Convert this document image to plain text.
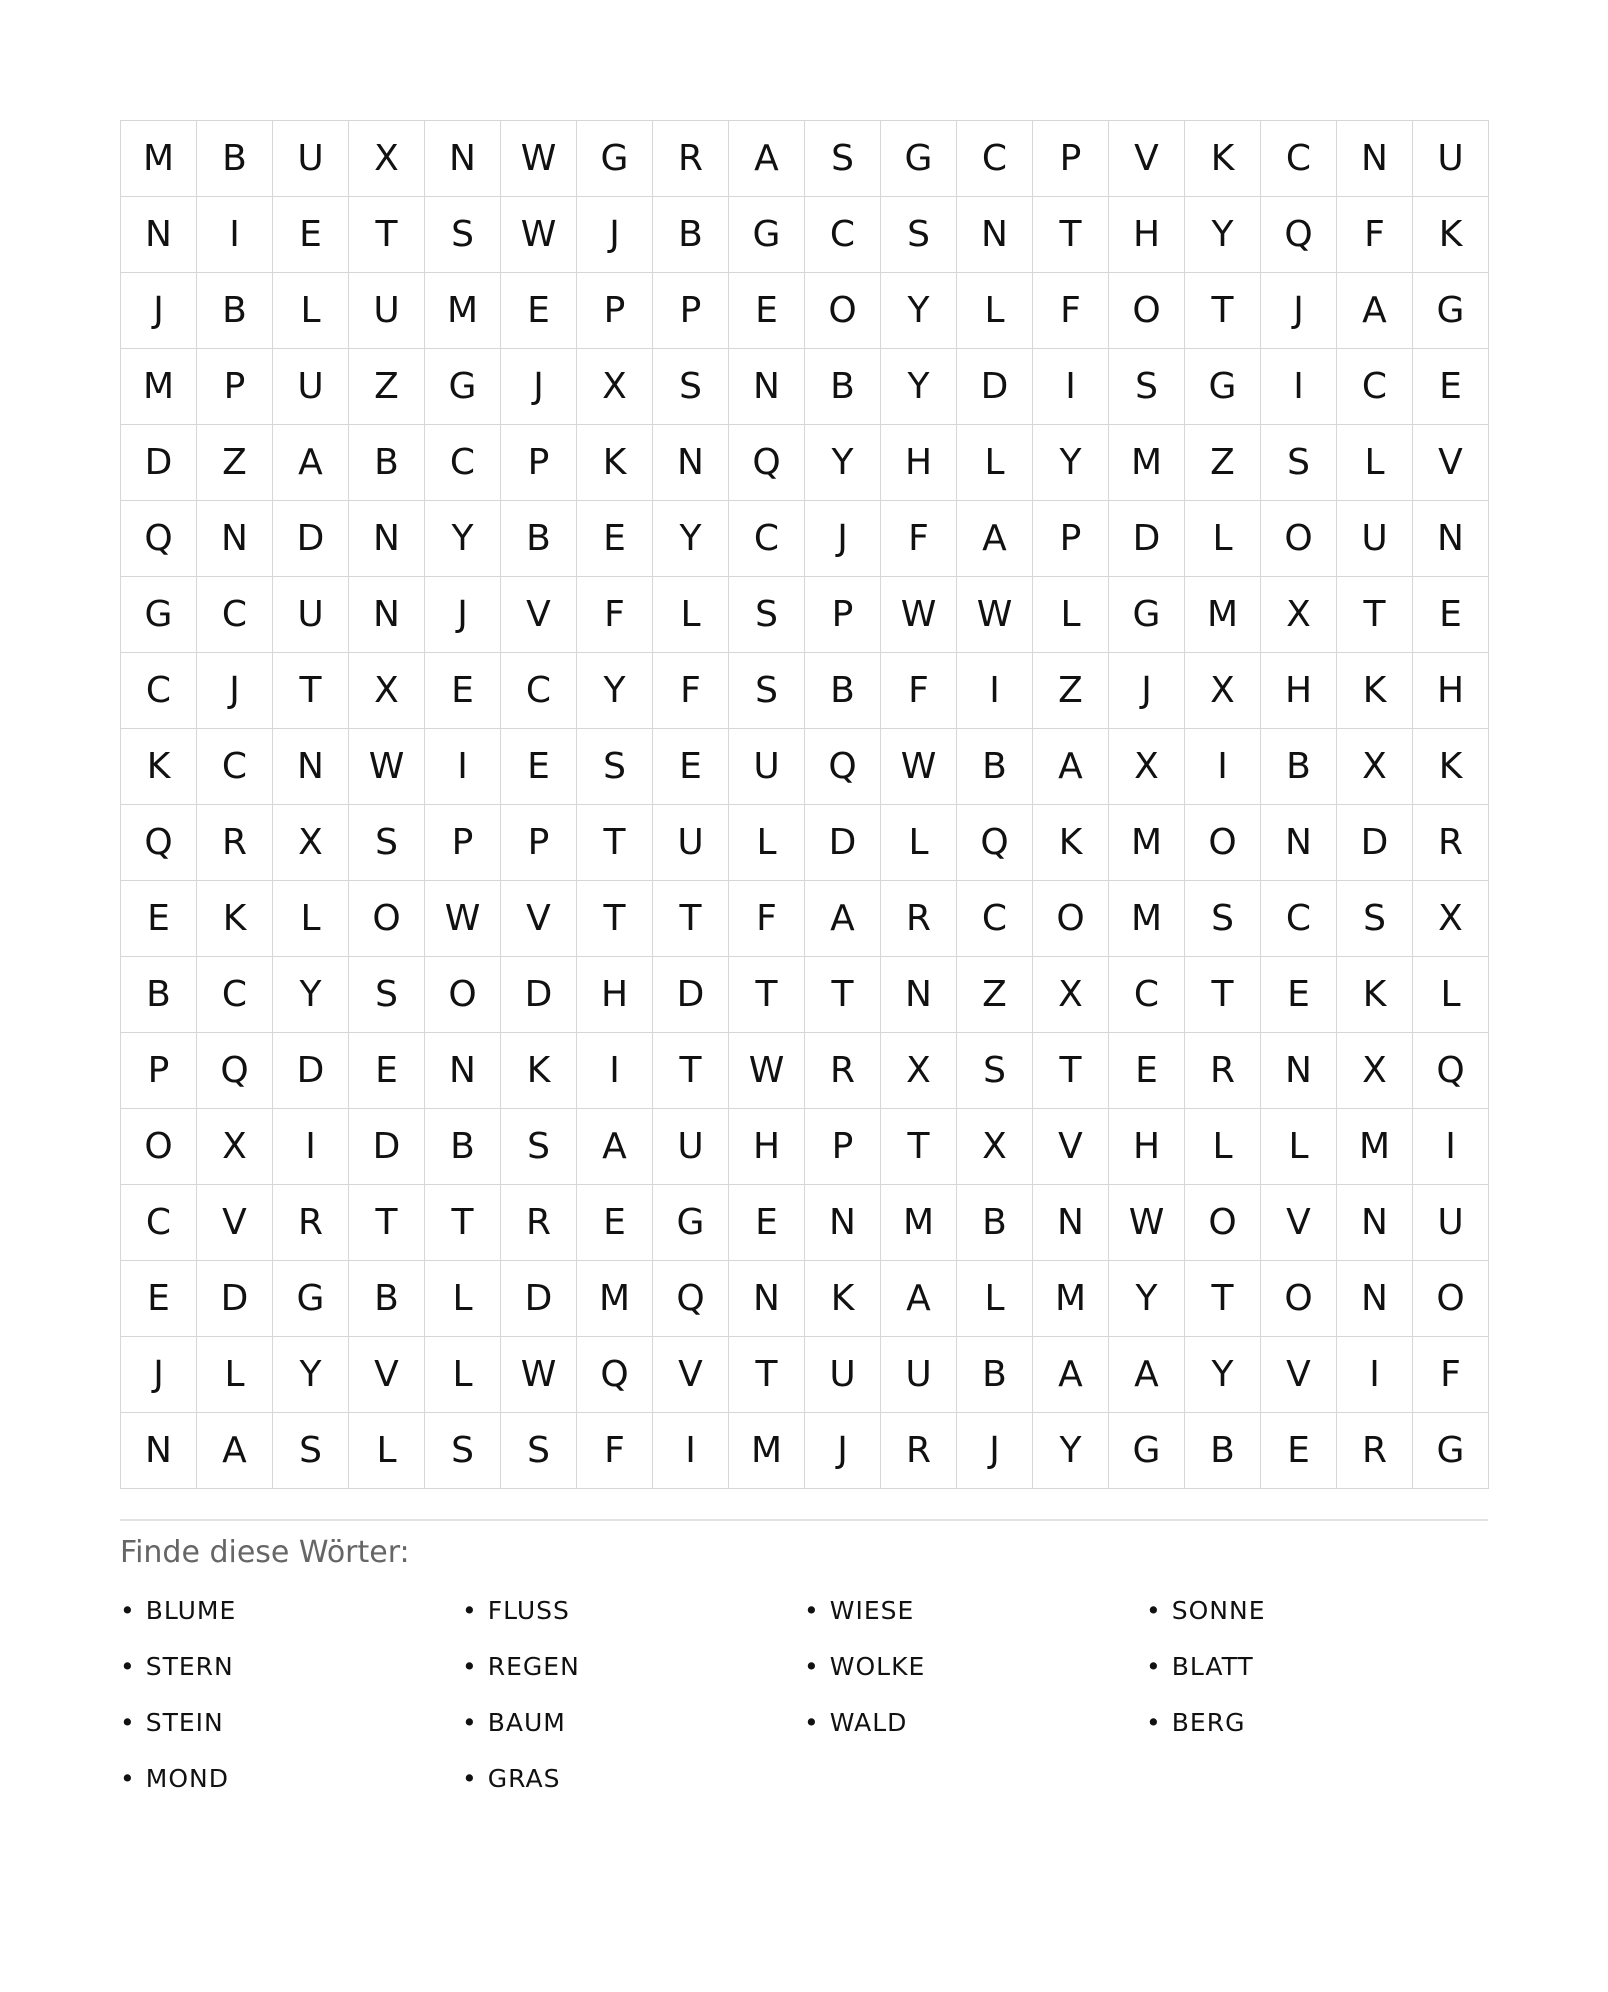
M	B	U	X	N	W	G	R	A	S	G	C	P	V	K	C	N	U
N	I	E	T	S	W	J	B	G	C	S	N	T	H	Y	Q	F	K
J	B	L	U	M	E	P	P	E	O	Y	L	F	O	T	J	A	G
M	P	U	Z	G	J	X	S	N	B	Y	D	I	S	G	I	C	E
D	Z	A	B	C	P	K	N	Q	Y	H	L	Y	M	Z	S	L	V
Q	N	D	N	Y	B	E	Y	C	J	F	A	P	D	L	O	U	N
G	C	U	N	J	V	F	L	S	P	W	W	L	G	M	X	T	E
C	J	T	X	E	C	Y	F	S	B	F	I	Z	J	X	H	K	H
K	C	N	W	I	E	S	E	U	Q	W	B	A	X	I	B	X	K
Q	R	X	S	P	P	T	U	L	D	L	Q	K	M	O	N	D	R
E	K	L	O	W	V	T	T	F	A	R	C	O	M	S	C	S	X
B	C	Y	S	O	D	H	D	T	T	N	Z	X	C	T	E	K	L
P	Q	D	E	N	K	I	T	W	R	X	S	T	E	R	N	X	Q
O	X	I	D	B	S	A	U	H	P	T	X	V	H	L	L	M	I
C	V	R	T	T	R	E	G	E	N	M	B	N	W	O	V	N	U
E	D	G	B	L	D	M	Q	N	K	A	L	M	Y	T	O	N	O
J	L	Y	V	L	W	Q	V	T	U	U	B	A	A	Y	V	I	F
N	A	S	L	S	S	F	I	M	J	R	J	Y	G	B	E	R	G
Finde diese Wörter:
• BLUME	• FLUSS	• WIESE	• SONNE
• STERN	• REGEN	• WOLKE	• BLATT
• STEIN	• BAUM	• WALD	• BERG
• MOND	• GRAS
